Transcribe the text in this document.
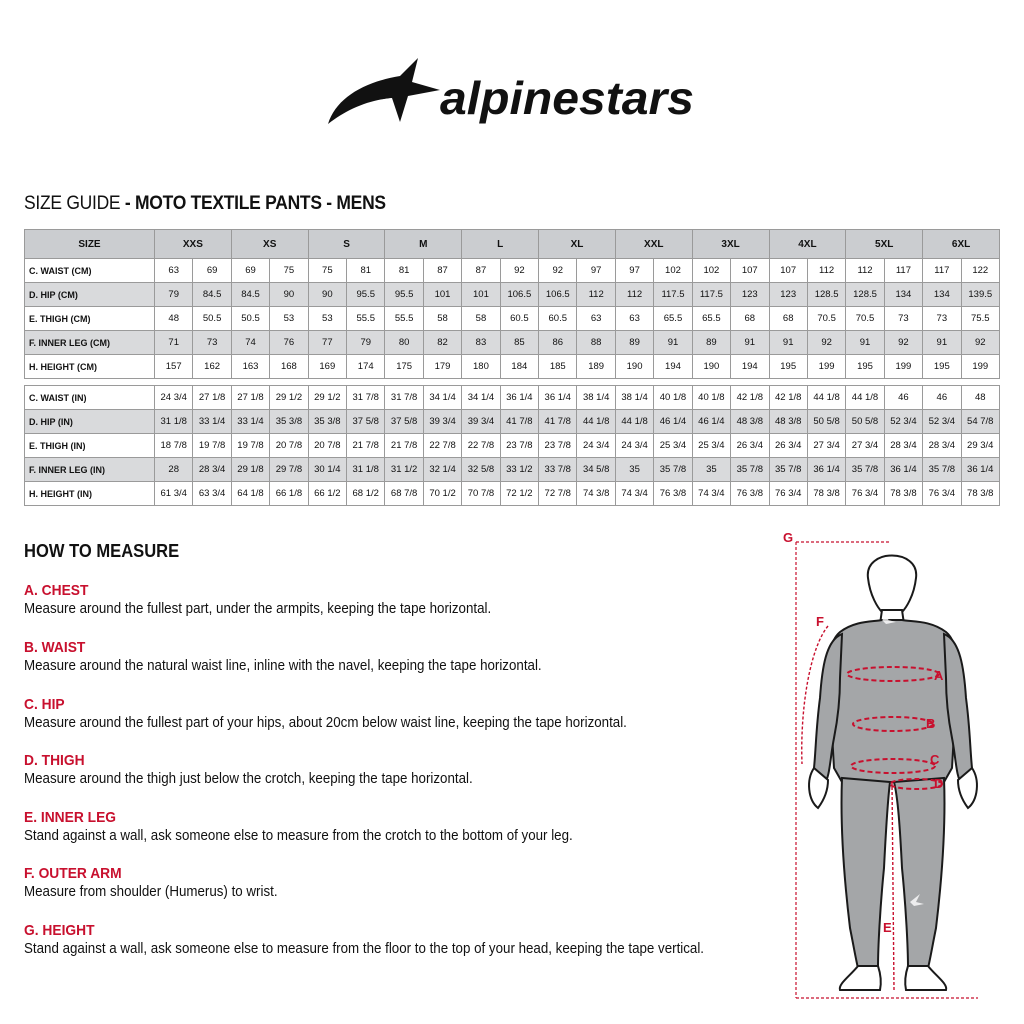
alpinestars
SIZE GUIDE - MOTO TEXTILE PANTS - MENS
SIZE	XXS		XS		S		M		L		XL		XXL		3XL		4XL		5XL		6XL	
C. WAIST (CM)	63	69	69	75	75	81	81	87	87	92	92	97	97	102	102	107	107	112	112	117	117	122
D. HIP (CM)	79	84.5	84.5	90	90	95.5	95.5	101	101	106.5	106.5	112	112	117.5	117.5	123	123	128.5	128.5	134	134	139.5
E. THIGH (CM)	48	50.5	50.5	53	53	55.5	55.5	58	58	60.5	60.5	63	63	65.5	65.5	68	68	70.5	70.5	73	73	75.5
F. INNER LEG (CM)	71	73	74	76	77	79	80	82	83	85	86	88	89	91	89	91	91	92	91	92	91	92
H. HEIGHT (CM)	157	162	163	168	169	174	175	179	180	184	185	189	190	194	190	194	195	199	195	199	195	199

C. WAIST (IN)	24 3/4	27 1/8	27 1/8	29 1/2	29 1/2	31 7/8	31 7/8	34 1/4	34 1/4	36 1/4	36 1/4	38 1/4	38 1/4	40 1/8	40 1/8	42 1/8	42 1/8	44 1/8	44 1/8	46	46	48
D. HIP (IN)	31 1/8	33 1/4	33 1/4	35 3/8	35 3/8	37 5/8	37 5/8	39 3/4	39 3/4	41 7/8	41 7/8	44 1/8	44 1/8	46 1/4	46 1/4	48 3/8	48 3/8	50 5/8	50 5/8	52 3/4	52 3/4	54 7/8
E. THIGH (IN)	18 7/8	19 7/8	19 7/8	20 7/8	20 7/8	21 7/8	21 7/8	22 7/8	22 7/8	23 7/8	23 7/8	24 3/4	24 3/4	25 3/4	25 3/4	26 3/4	26 3/4	27 3/4	27 3/4	28 3/4	28 3/4	29 3/4
F. INNER LEG (IN)	28	28 3/4	29 1/8	29 7/8	30 1/4	31 1/8	31 1/2	32 1/4	32 5/8	33 1/2	33 7/8	34 5/8	35	35 7/8	35	35 7/8	35 7/8	36 1/4	35 7/8	36 1/4	35 7/8	36 1/4
H. HEIGHT (IN)	61 3/4	63 3/4	64 1/8	66 1/8	66 1/2	68 1/2	68 7/8	70 1/2	70 7/8	72 1/2	72 7/8	74 3/8	74 3/4	76 3/8	74 3/4	76 3/8	76 3/4	78 3/8	76 3/4	78 3/8	76 3/4	78 3/8
HOW TO MEASURE
A. CHEST
Measure around the fullest part, under the armpits, keeping the tape horizontal.
B. WAIST
Measure around the natural waist line, inline with the navel, keeping the tape horizontal.
C. HIP
Measure around the fullest part of your hips, about 20cm below waist line, keeping the tape horizontal.
D. THIGH
Measure around the thigh just below the crotch, keeping the tape horizontal.
E. INNER LEG
Stand against a wall, ask someone else to measure from the crotch to the bottom of your leg.
F. OUTER ARM
Measure from shoulder (Humerus) to wrist.
G. HEIGHT
Stand against a wall, ask someone else to measure from the floor to the top of your head, keeping the tape vertical.
G
F
A
B
C
D
E
